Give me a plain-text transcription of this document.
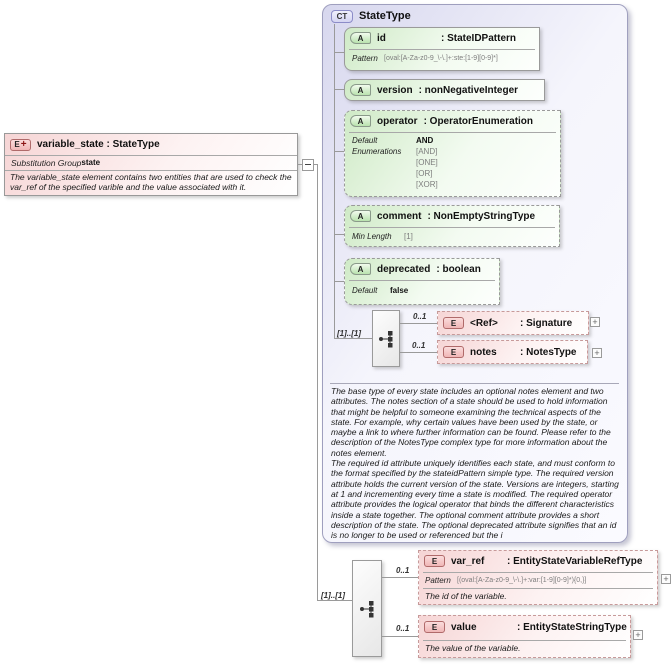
E + variable_state : StateType
Substitution Group state
The variable_state element contains two entities that are used to check the var_ref of the specified varible and the value associated with it.
CT	StateType
A	id	: StateIDPattern
Pattern [oval:[A-Za-z0-9_\-\.]+:ste:[1-9][0-9]*]
A	version : nonNegativeInteger
A	operator : OperatorEnumeration
Default	AND
Enumerations	[AND]
[ONE]
[OR]
[XOR]
A	comment : NonEmptyStringType
Min Length	[1]
A	deprecated : boolean
Default	false
[1]..[1]
0..1
0..1
E	<Ref>	: Signature +
E	notes	: NotesType +
The base type of every state includes an optional notes element and two attributes. The notes section of a state should be used to hold information that might be helpful to someone examining the technical aspects of the state. For example, why certain values have been used by the state, or maybe a link to where further information can be found. Please refer to the description of the NotesType complex type for more information about the notes element.
The required id attribute uniquely identifies each state, and must conform to the format specified by the stateidPattern simple type. The required version attribute holds the current version of the state. Versions are integers, starting at 1 and incrementing every time a state is modified. The required operator attribute provides the logical operator that binds the different characteristics inside a state together. The optional comment attribute provides a short description of the state. The optional deprecated attribute signifies that an id is no longer to be used or referenced but the i
[1]..[1]
0..1
0..1
E	var_ref	: EntityStateVariableRefType
Pattern [(oval:[A-Za-z0-9_\-\.]+:var:[1-9][0-9]*){0,}]
The id of the variable.
+
E	value	: EntityStateStringType
The value of the variable.
+
